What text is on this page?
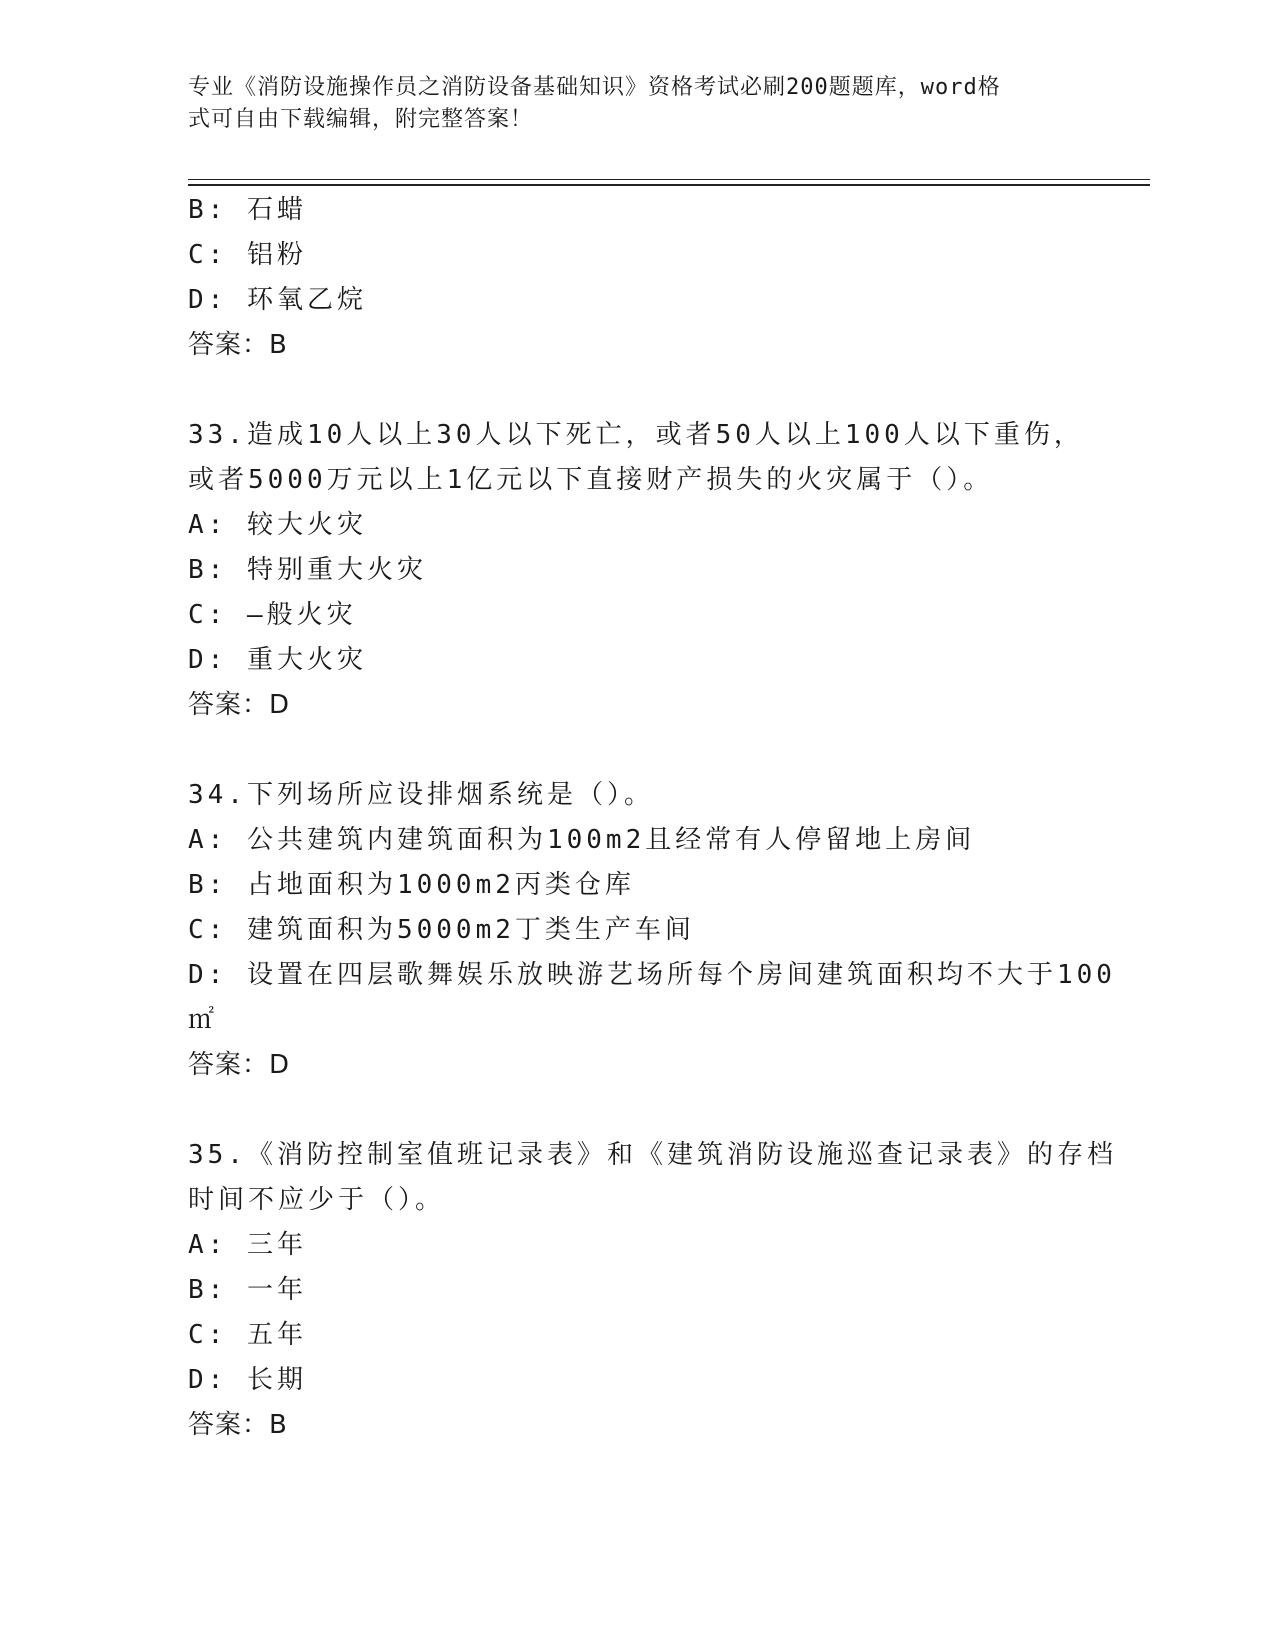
专业《消防设施操作员之消防设备基础知识》资格考试必刷200题题库，word格
式可自由下载编辑，附完整答案！
B: 石蜡
C: 铝粉
D: 环氧乙烷
答案：B
33.造成10人以上30人以下死亡，或者50人以上100人以下重伤，
或者5000万元以上1亿元以下直接财产损失的火灾属于（）。
A: 较大火灾
B: 特别重大火灾
C: —般火灾
D: 重大火灾
答案：D
34.下列场所应设排烟系统是（）。
A: 公共建筑内建筑面积为100m2且经常有人停留地上房间
B: 占地面积为1000m2丙类仓库
C: 建筑面积为5000m2丁类生产车间
D: 设置在四层歌舞娱乐放映游艺场所每个房间建筑面积均不大于100
㎡
答案：D
35.《消防控制室值班记录表》和《建筑消防设施巡查记录表》的存档
时间不应少于（）。
A: 三年
B: 一年
C: 五年
D: 长期
答案：B
